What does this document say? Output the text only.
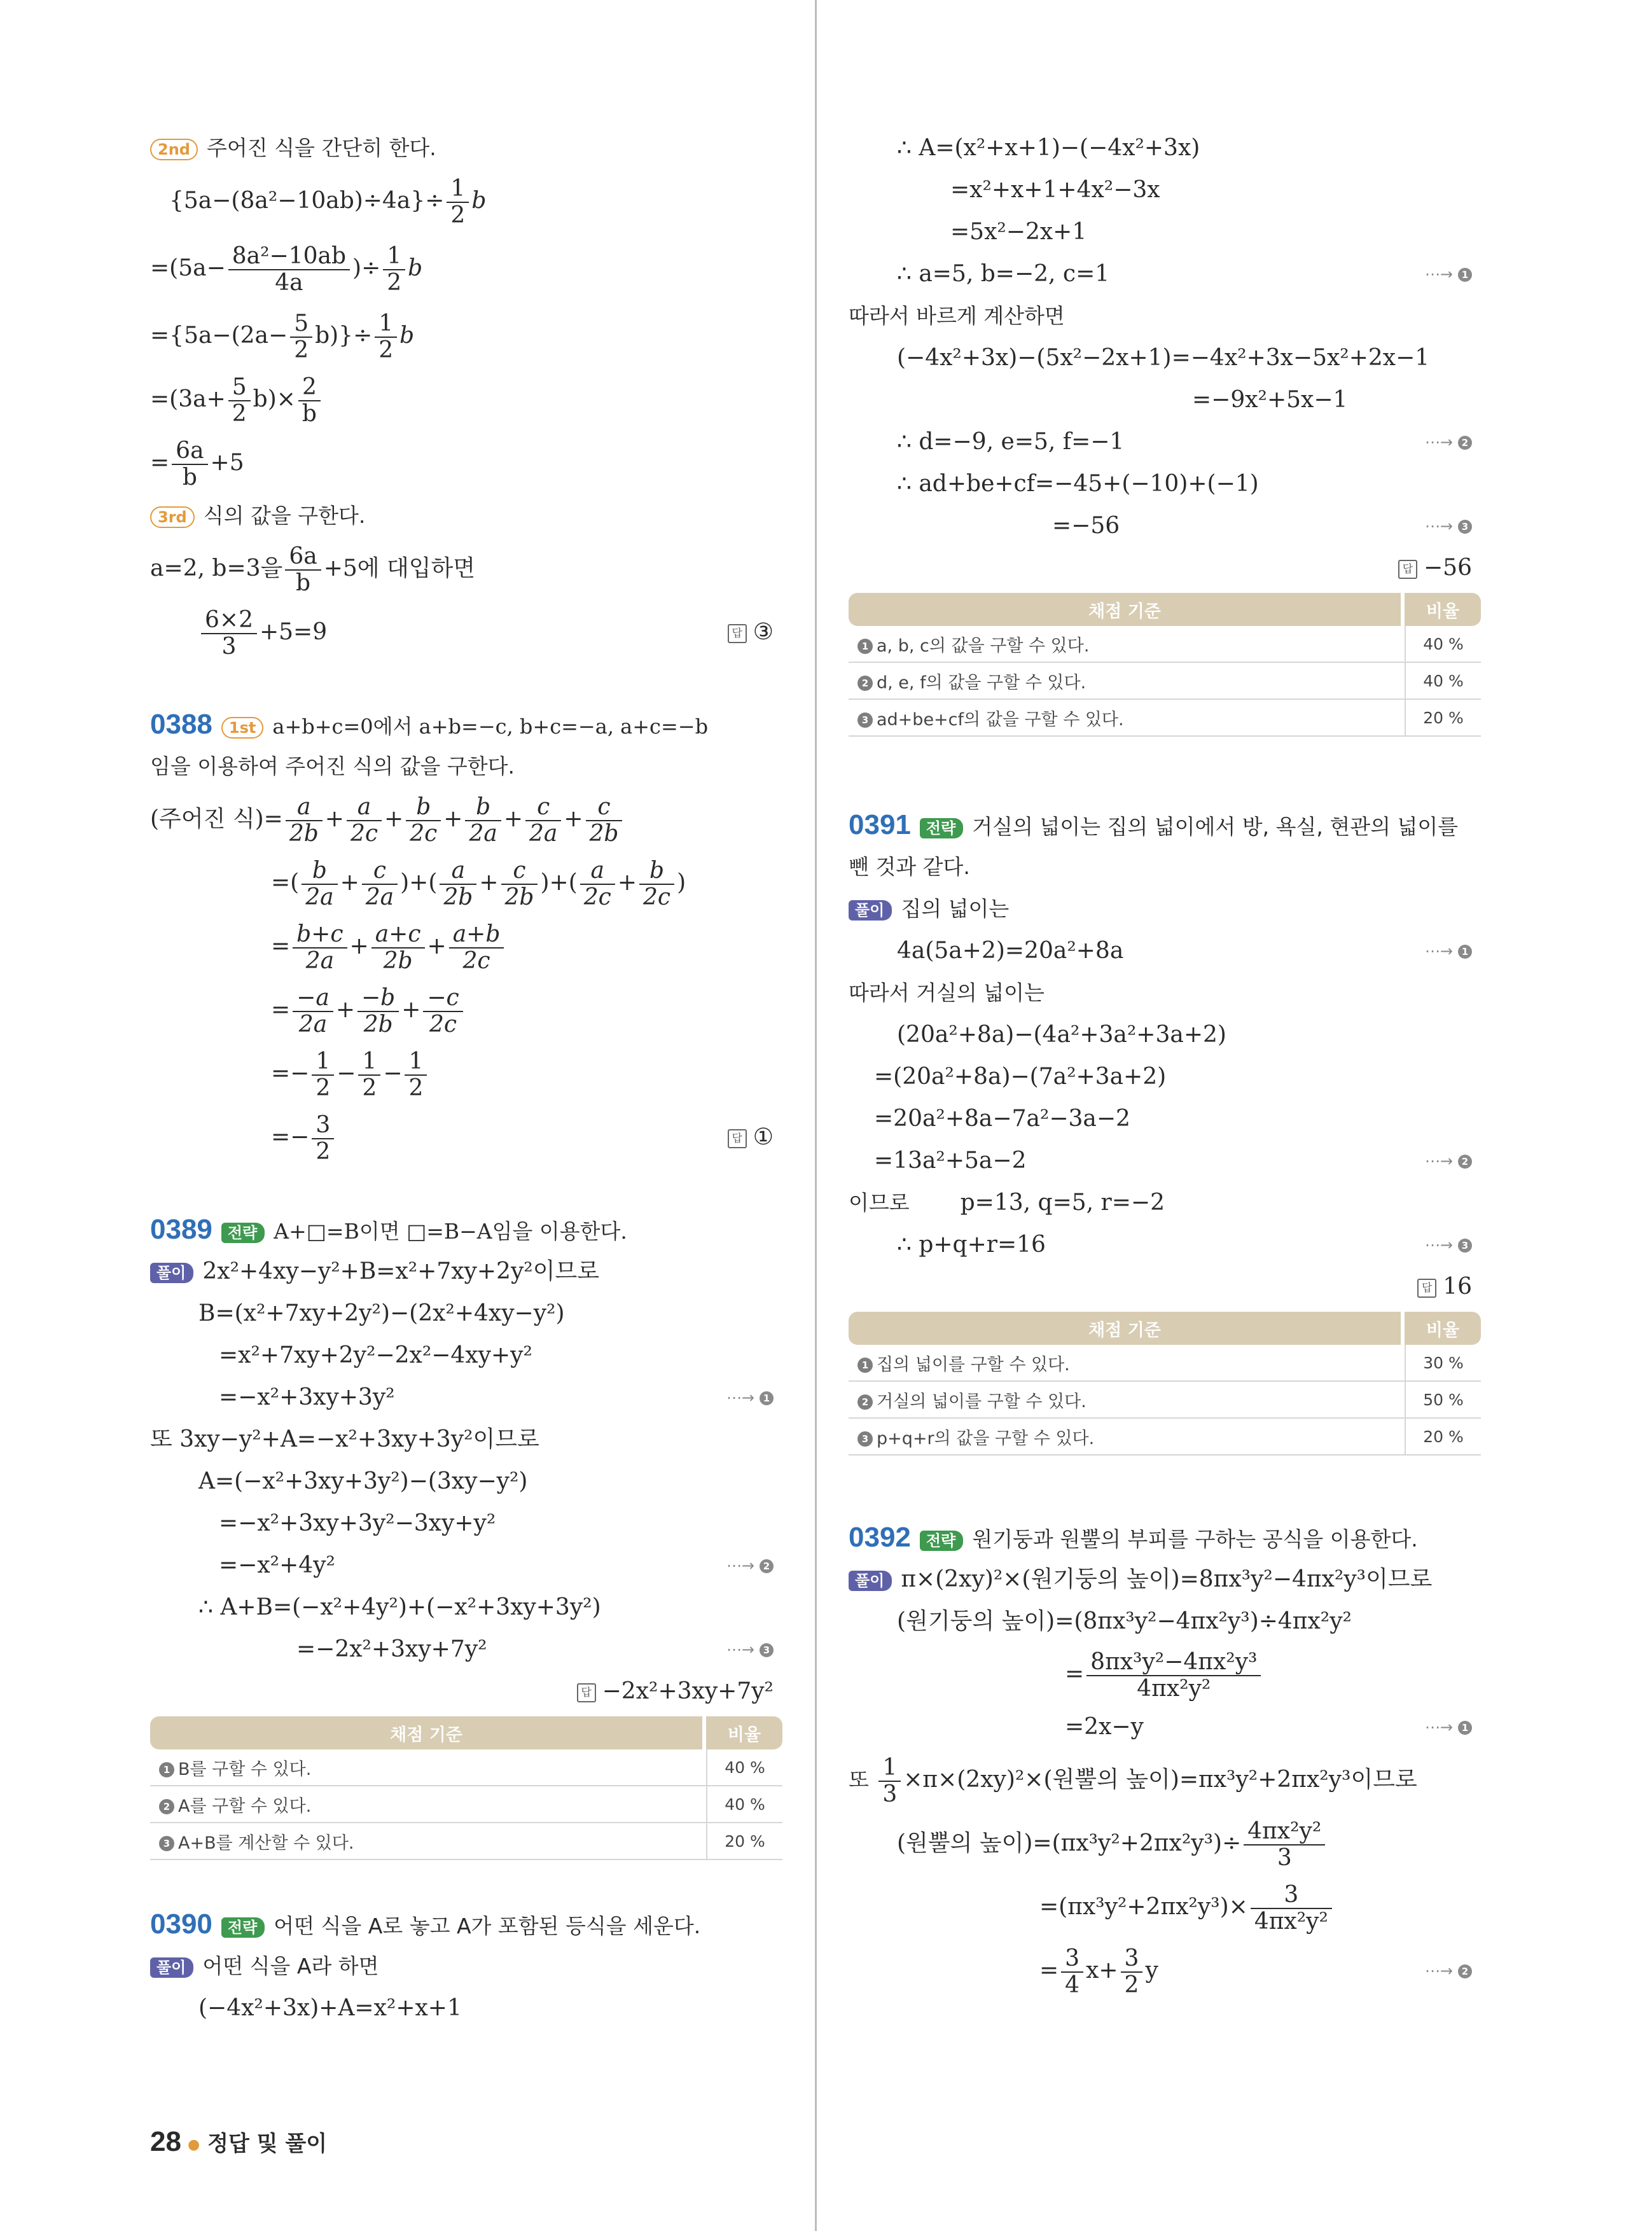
2nd 주어진 식을 간단히 한다.
$\{5a-(8a^2-10ab)\div 4a\}\div \frac{1}{2}$ b
$=(5a- \frac{\text{8a²−10ab}}{4a}$ )÷ $\frac{1}{2}$ b
$=\{5a-(2a- \frac{5}{2} b)\}\div \frac{1}{2}$ b
$=(3a+ \frac{5}{2} b)\times \frac{2}{b}$
= $\frac{6a}{b} +5$
3rd 식의 값을 구한다.
a=2, b=3을 $\frac{6a}{b} +5$에 대입하면
$\frac{6\times 2}{3} +5=9$	답 ③
0388 1st a+b+c=0에서 a+b=−c, b+c=−a, a+c=−b
임을 이용하여 주어진 식의 값을 구한다.
(주어진 식)= $\frac{a}{2b} + \frac{a}{2c} + \frac{b}{2c} + \frac{b}{2a} + \frac{c}{2a} + \frac{c}{2b}$
=( $\frac{b}{2a} + \frac{c}{2a}$ )+( $\frac{a}{2b} + \frac{c}{2b}$ )+( $\frac{a}{2c} + \frac{b}{2c}$ )
= $\frac{b+c}{2a} + \frac{a+c}{2b} + \frac{a+b}{2c}$
= $\frac{-a}{2a} + \frac{-b}{2b} + \frac{-c}{2c}$
=− $\frac{1}{2} - \frac{1}{2} - \frac{1}{2}$
=− $\frac{3}{2}$	답 ①
0389 전략 A+□=B이면 □=B−A임을 이용한다.
풀이 2x²+4xy−y²+B=x²+7xy+2y²이므로
B=(x²+7xy+2y²)−(2x²+4xy−y²)
=x²+7xy+2y²−2x²−4xy+y²
=−x²+3xy+3y²	⋯→ 1
또 3xy−y²+A=−x²+3xy+3y²이므로
A=(−x²+3xy+3y²)−(3xy−y²)
=−x²+3xy+3y²−3xy+y²
=−x²+4y²	⋯→ 2
∴ A+B=(−x²+4y²)+(−x²+3xy+3y²)
=−2x²+3xy+7y²	⋯→ 3
답 −2x²+3xy+7y²
채점 기준	비율
1 B를 구할 수 있다.	40 %
2 A를 구할 수 있다.	40 %
3 A+B를 계산할 수 있다.	20 %
0390 전략 어떤 식을 A로 놓고 A가 포함된 등식을 세운다.
풀이 어떤 식을 A라 하면
(−4x²+3x)+A=x²+x+1
∴ A=(x²+x+1)−(−4x²+3x)
=x²+x+1+4x²−3x
=5x²−2x+1
∴ a=5, b=−2, c=1	⋯→ 1
따라서 바르게 계산하면
(−4x²+3x)−(5x²−2x+1)=−4x²+3x−5x²+2x−1
=−9x²+5x−1
∴ d=−9, e=5, f=−1	⋯→ 2
∴ ad+be+cf=−45+(−10)+(−1)
=−56	⋯→ 3
답 −56
채점 기준	비율
1 a, b, c의 값을 구할 수 있다.	40 %
2 d, e, f의 값을 구할 수 있다.	40 %
3 ad+be+cf의 값을 구할 수 있다.	20 %
0391 전략 거실의 넓이는 집의 넓이에서 방, 욕실, 현관의 넓이를
뺀 것과 같다.
풀이 집의 넓이는
4a(5a+2)=20a²+8a	⋯→ 1
따라서 거실의 넓이는
(20a²+8a)−(4a²+3a²+3a+2)
=(20a²+8a)−(7a²+3a+2)
=20a²+8a−7a²−3a−2
=13a²+5a−2	⋯→ 2
이므로 p=13, q=5, r=−2
∴ p+q+r=16	⋯→ 3
답 16
채점 기준	비율
1 집의 넓이를 구할 수 있다.	30 %
2 거실의 넓이를 구할 수 있다.	50 %
3 p+q+r의 값을 구할 수 있다.	20 %
0392 전략 원기둥과 원뿔의 부피를 구하는 공식을 이용한다.
풀이 π×(2xy)²×(원기둥의 높이)=8πx³y²−4πx²y³이므로
(원기둥의 높이)=(8πx³y²−4πx²y³)÷4πx²y²
= $\frac{\text{8πx³y²−4πx²y³}}{\text{4πx²y²}}$
=2x−y	⋯→ 1
또 $\frac{1}{3} \times\pi\times(2xy)^2\times$(원뿔의 높이)=πx³y²+2πx²y³이므로
(원뿔의 높이)$=(\pi x^3y^2+2\pi x^2y^3)\div \frac{\text{4πx²y²}}{3}$
$=(\pi x^3y^2+2\pi x^2y^3)\times \frac{3}{\text{4πx²y²}}$
= $\frac{3}{4} x+ \frac{3}{2}$ y	⋯→ 2
28 ● 정답 및 풀이
